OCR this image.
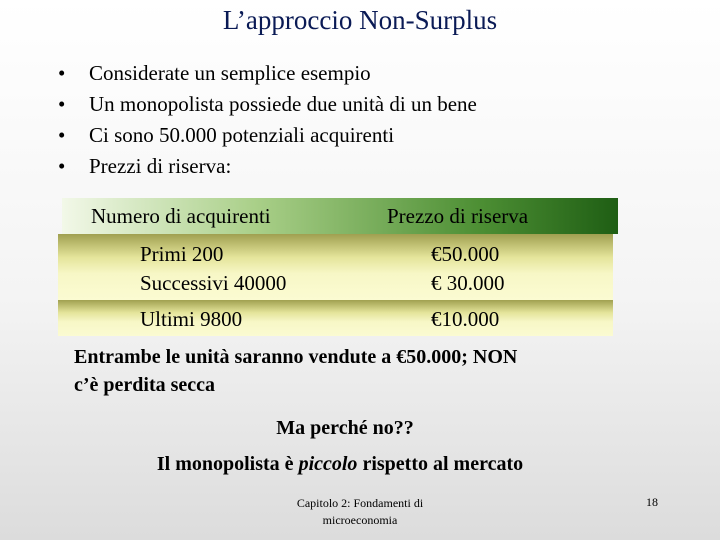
L’approccio Non-Surplus
• Considerate un semplice esempio
• Un monopolista possiede due unità di un bene
• Ci sono 50.000 potenziali acquirenti
• Prezzi di riserva:
Numero di acquirenti	Prezzo di riserva
Primi 200
Successivi 40000
€50.000
€ 30.000
Ultimi 9800	€10.000
Entrambe le unità saranno vendute a €50.000; NON
c’è perdita secca
Ma perché no??
Il monopolista è piccolo rispetto al mercato
Capitolo 2: Fondamenti di
microeconomia
18
